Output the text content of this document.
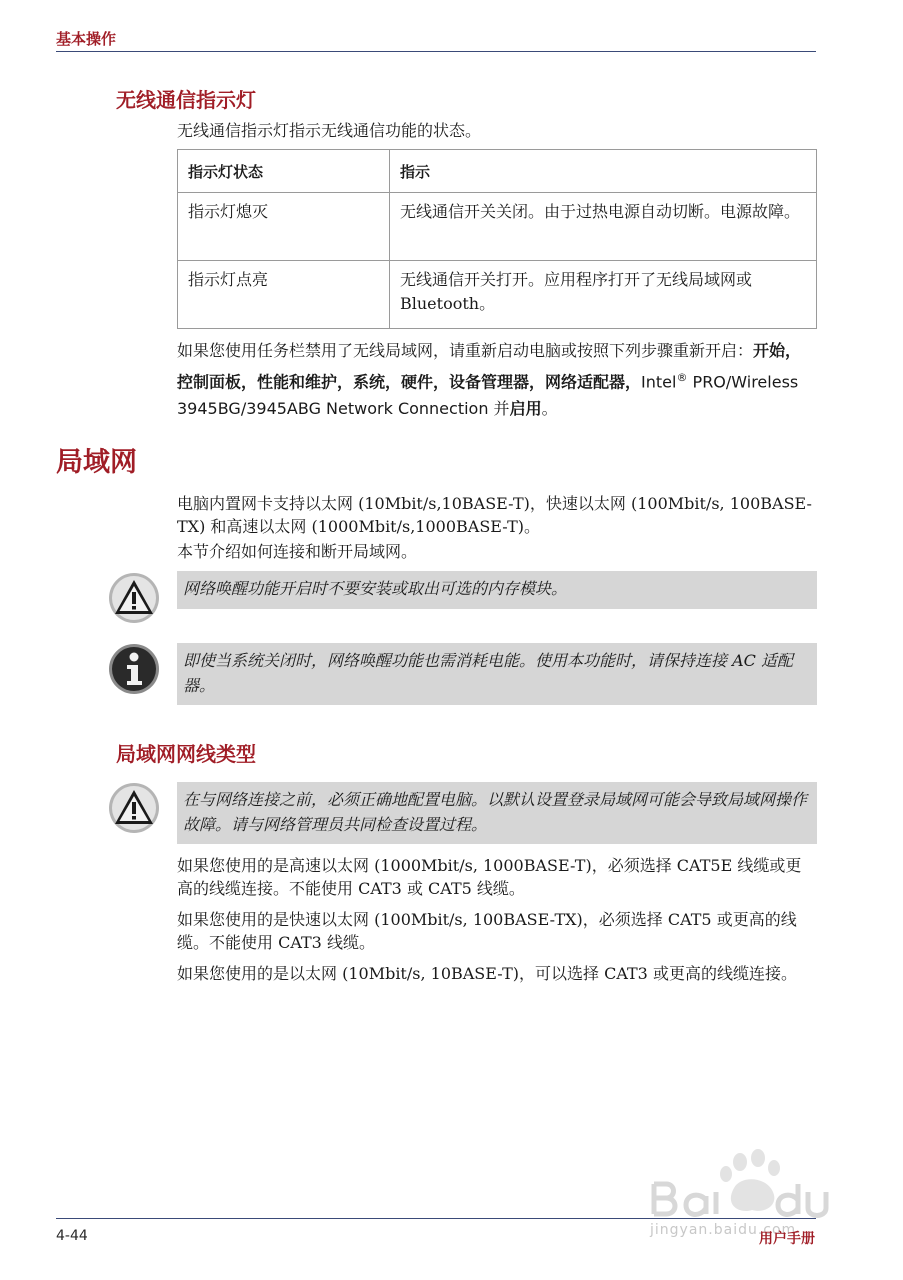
基本操作
无线通信指示灯
无线通信指示灯指示无线通信功能的状态。
指示灯状态	指示
指示灯熄灭	无线通信开关关闭。由于过热电源自动切断。电源故障。
指示灯点亮	无线通信开关打开。应用程序打开了无线局域网或 Bluetooth。
如果您使用任务栏禁用了无线局域网，请重新启动电脑或按照下列步骤重新开启：开始，控制面板，性能和维护，系统，硬件，设备管理器，网络适配器，Intel® PRO/Wireless 3945BG/3945ABG Network Connection 并启用。
局域网
电脑内置网卡支持以太网 (10Mbit/s,10BASE-T)，快速以太网 (100Mbit/s, 100BASE-TX) 和高速以太网 (1000Mbit/s,1000BASE-T)。
本节介绍如何连接和断开局域网。
网络唤醒功能开启时不要安装或取出可选的内存模块。
即使当系统关闭时，网络唤醒功能也需消耗电能。使用本功能时，请保持连接 AC 适配器。
局域网网线类型
在与网络连接之前，必须正确地配置电脑。以默认设置登录局域网可能会导致局域网操作故障。请与网络管理员共同检查设置过程。
如果您使用的是高速以太网 (1000Mbit/s, 1000BASE-T)，必须选择 CAT5E 线缆或更高的线缆连接。不能使用 CAT3 或 CAT5 线缆。
如果您使用的是快速以太网 (100Mbit/s, 100BASE-TX)，必须选择 CAT5 或更高的线缆。不能使用 CAT3 线缆。
如果您使用的是以太网 (10Mbit/s, 10BASE-T)，可以选择 CAT3 或更高的线缆连接。
jingyan.baidu.com
4-44	用户手册
